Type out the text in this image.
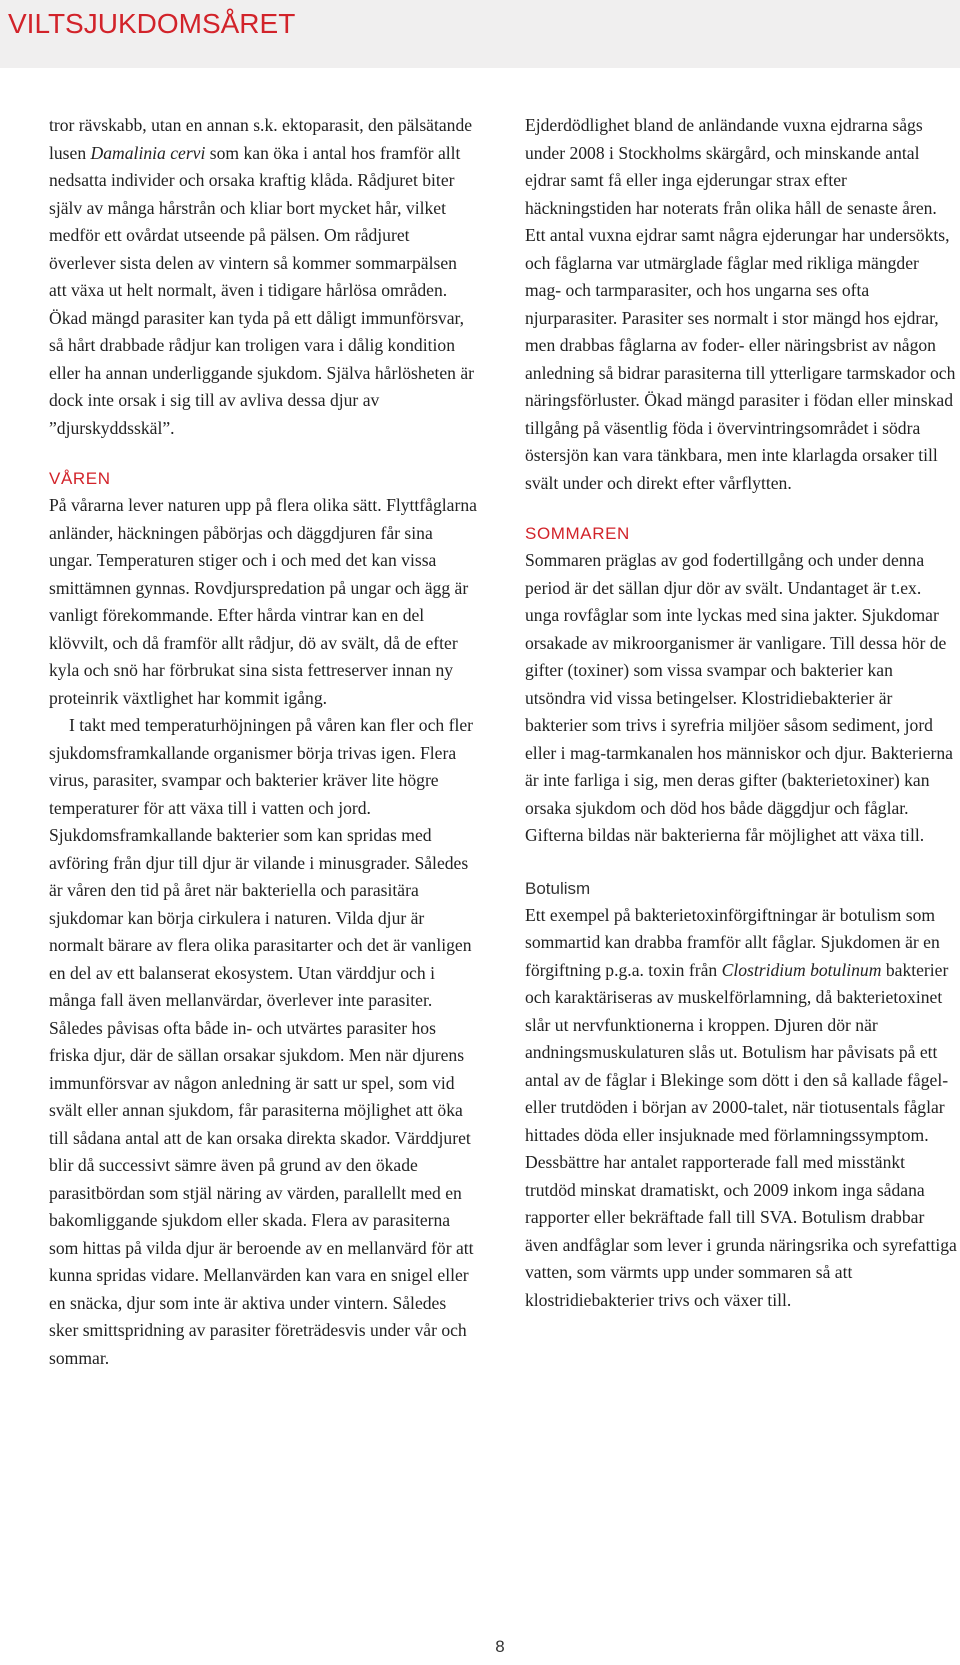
VILTSJUKDOMSÅRET

tror rävskabb, utan en annan s.k. ektoparasit, den pälsätande lusen Damalinia cervi som kan öka i antal hos framför allt nedsatta individer och orsaka kraftig klåda. Rådjuret biter själv av många hårstrån och kliar bort mycket hår, vilket medför ett ovårdat utseende på pälsen. Om rådjuret överlever sista delen av vintern så kommer sommarpälsen att växa ut helt normalt, även i tidigare hårlösa områden. Ökad mängd parasiter kan tyda på ett dåligt immunförsvar, så hårt drabbade rådjur kan troligen vara i dålig kondition eller ha annan underliggande sjukdom. Själva hårlösheten är dock inte orsak i sig till av avliva dessa djur av ”djurskyddsskäl”.

VÅREN

På vårarna lever naturen upp på flera olika sätt. Flyttfåglarna anländer, häckningen påbörjas och däggdjuren får sina ungar. Temperaturen stiger och i och med det kan vissa smittämnen gynnas. Rovdjurspredation på ungar och ägg är vanligt förekommande. Efter hårda vintrar kan en del klövvilt, och då framför allt rådjur, dö av svält, då de efter kyla och snö har förbrukat sina sista fettreserver innan ny proteinrik växtlighet har kommit igång.

I takt med temperaturhöjningen på våren kan fler och fler sjukdomsframkallande organismer börja trivas igen. Flera virus, parasiter, svampar och bakterier kräver lite högre temperaturer för att växa till i vatten och jord. Sjukdomsframkallande bakterier som kan spridas med avföring från djur till djur är vilande i minusgrader. Således är våren den tid på året när bakteriella och parasitära sjukdomar kan börja cirkulera i naturen. Vilda djur är normalt bärare av flera olika parasitarter och det är vanligen en del av ett balanserat ekosystem. Utan värddjur och i många fall även mellanvärdar, överlever inte parasiter. Således påvisas ofta både in- och utvärtes parasiter hos friska djur, där de sällan orsakar sjukdom. Men när djurens immunförsvar av någon anledning är satt ur spel, som vid svält eller annan sjukdom, får parasiterna möjlighet att öka till sådana antal att de kan orsaka direkta skador. Värddjuret blir då successivt sämre även på grund av den ökade parasitbördan som stjäl näring av värden, parallellt med en bakomliggande sjukdom eller skada. Flera av parasiterna som hittas på vilda djur är beroende av en mellanvärd för att kunna spridas vidare. Mellanvärden kan vara en snigel eller en snäcka, djur som inte är aktiva under vintern. Således sker smittspridning av parasiter företrädesvis under vår och sommar.

Ejderdödlighet bland de anländande vuxna ejdrarna sågs under 2008 i Stockholms skärgård, och minskande antal ejdrar samt få eller inga ejderungar strax efter häckningstiden har noterats från olika håll de senaste åren. Ett antal vuxna ejdrar samt några ejderungar har undersökts, och fåglarna var utmärglade fåglar med rikliga mängder mag- och tarmparasiter, och hos ungarna ses ofta njurparasiter. Parasiter ses normalt i stor mängd hos ejdrar, men drabbas fåglarna av foder- eller näringsbrist av någon anledning så bidrar parasiterna till ytterligare tarmskador och näringsförluster. Ökad mängd parasiter i födan eller minskad tillgång på väsentlig föda i övervintringsområdet i södra östersjön kan vara tänkbara, men inte klarlagda orsaker till svält under och direkt efter vårflytten.

SOMMAREN

Sommaren präglas av god fodertillgång och under denna period är det sällan djur dör av svält. Undantaget är t.ex. unga rovfåglar som inte lyckas med sina jakter. Sjukdomar orsakade av mikroorganismer är vanligare. Till dessa hör de gifter (toxiner) som vissa svampar och bakterier kan utsöndra vid vissa betingelser. Klostridiebakterier är bakterier som trivs i syrefria miljöer såsom sediment, jord eller i mag-tarmkanalen hos människor och djur. Bakterierna är inte farliga i sig, men deras gifter (bakterietoxiner) kan orsaka sjukdom och död hos både däggdjur och fåglar. Gifterna bildas när bakterierna får möjlighet att växa till.

Botulism

Ett exempel på bakterietoxinförgiftningar är botulism som sommartid kan drabba framför allt fåglar. Sjukdomen är en förgiftning p.g.a. toxin från Clostridium botulinum bakterier och karaktäriseras av muskelförlamning, då bakterietoxinet slår ut nervfunktionerna i kroppen. Djuren dör när andningsmuskulaturen slås ut. Botulism har påvisats på ett antal av de fåglar i Blekinge som dött i den så kallade fågel- eller trutdöden i början av 2000-talet, när tiotusentals fåglar hittades döda eller insjuknade med förlamningssymptom. Dessbättre har antalet rapporterade fall med misstänkt trutdöd minskat dramatiskt, och 2009 inkom inga sådana rapporter eller bekräftade fall till SVA. Botulism drabbar även andfåglar som lever i grunda näringsrika och syrefattiga vatten, som värmts upp under sommaren så att klostridiebakterier trivs och växer till.

8
